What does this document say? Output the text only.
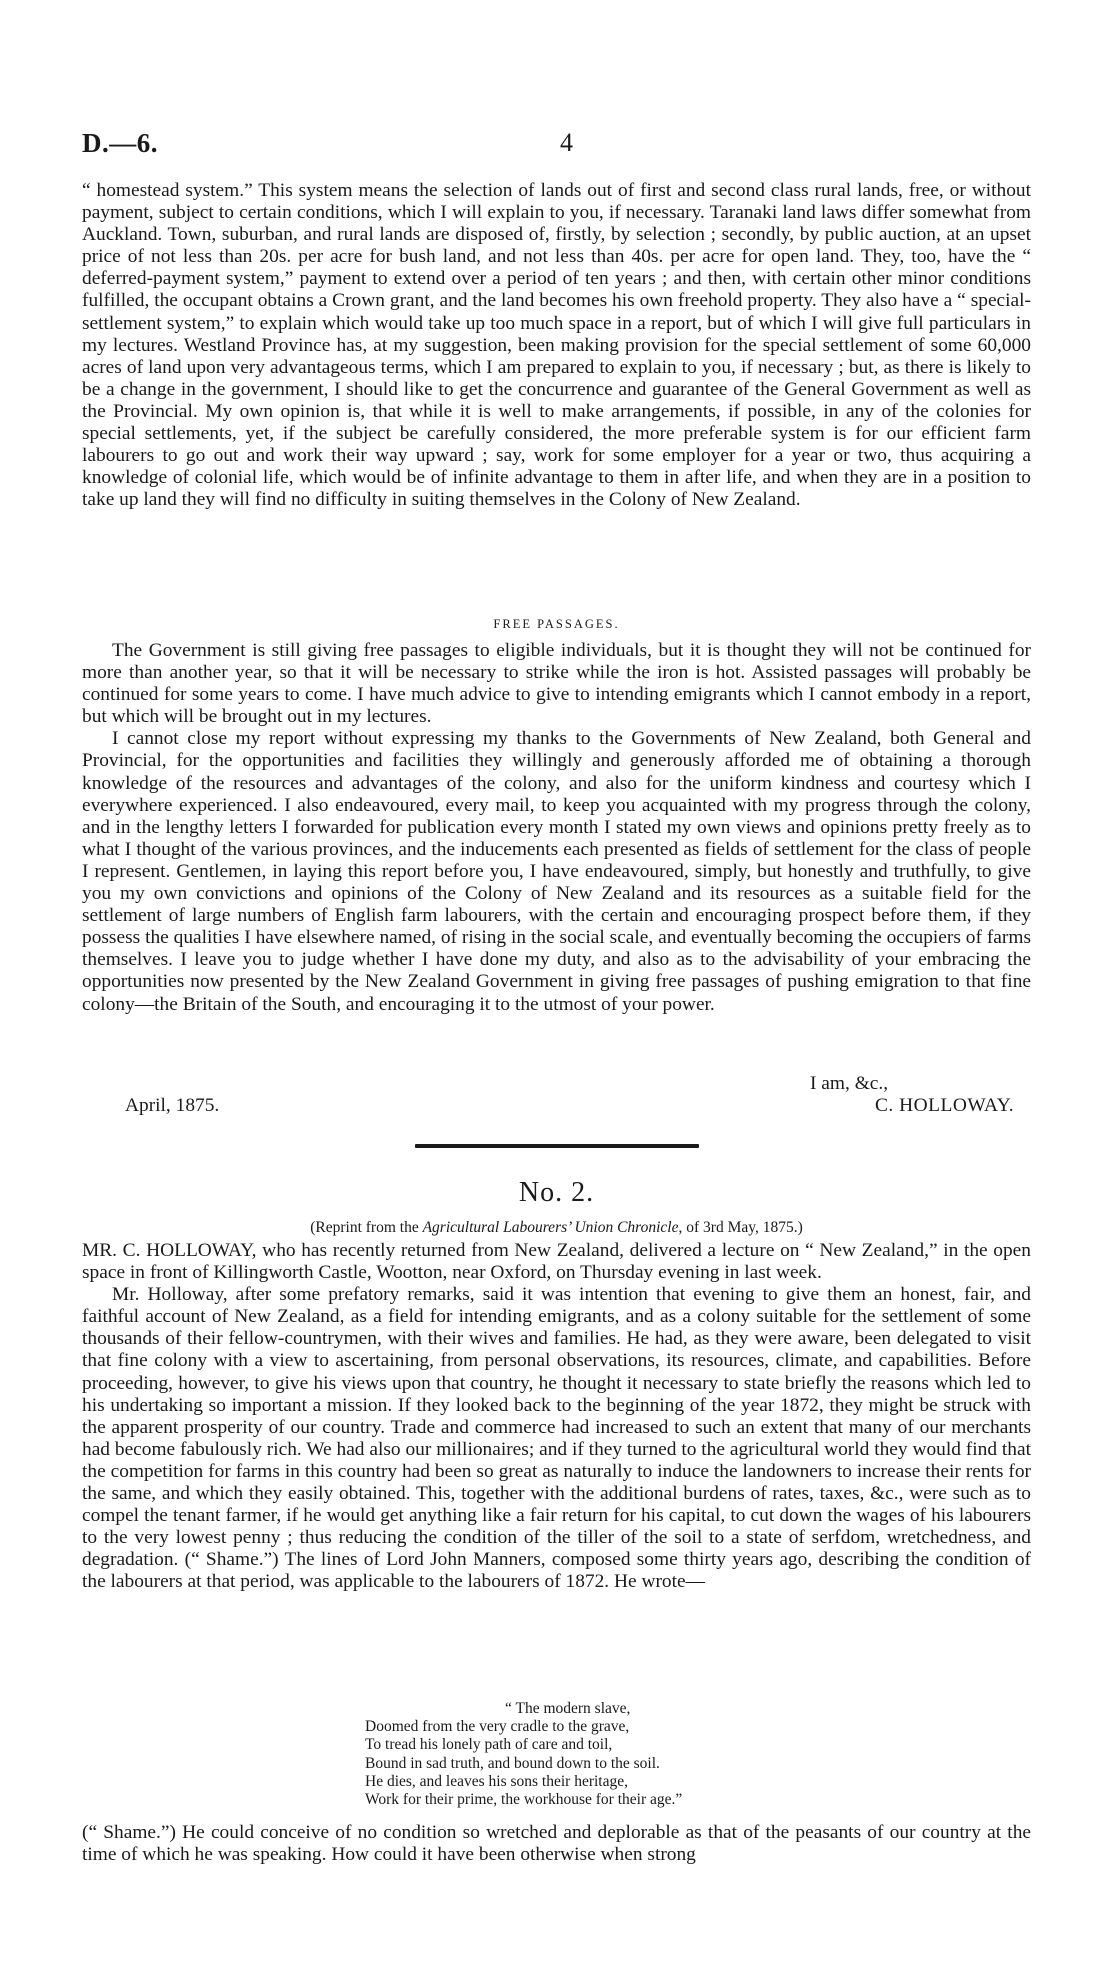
D.—6.	4

“ homestead system.” This system means the selection of lands out of first and second class rural lands, free, or without payment, subject to certain conditions, which I will explain to you, if necessary. Taranaki land laws differ somewhat from Auckland. Town, suburban, and rural lands are disposed of, firstly, by selection ; secondly, by public auction, at an upset price of not less than 20s. per acre for bush land, and not less than 40s. per acre for open land. They, too, have the “ deferred-payment system,” payment to extend over a period of ten years ; and then, with certain other minor conditions fulfilled, the occupant obtains a Crown grant, and the land becomes his own freehold property. They also have a “ special-settlement system,” to explain which would take up too much space in a report, but of which I will give full particulars in my lectures. Westland Province has, at my suggestion, been making provision for the special settlement of some 60,000 acres of land upon very advantageous terms, which I am prepared to explain to you, if necessary ; but, as there is likely to be a change in the government, I should like to get the concurrence and guarantee of the General Government as well as the Provincial. My own opinion is, that while it is well to make arrangements, if possible, in any of the colonies for special settlements, yet, if the subject be carefully considered, the more preferable system is for our efficient farm labourers to go out and work their way upward ; say, work for some employer for a year or two, thus acquiring a knowledge of colonial life, which would be of infinite advantage to them in after life, and when they are in a position to take up land they will find no difficulty in suiting themselves in the Colony of New Zealand.

FREE PASSAGES.

The Government is still giving free passages to eligible individuals, but it is thought they will not be continued for more than another year, so that it will be necessary to strike while the iron is hot. Assisted passages will probably be continued for some years to come. I have much advice to give to intending emigrants which I cannot embody in a report, but which will be brought out in my lectures.

I cannot close my report without expressing my thanks to the Governments of New Zealand, both General and Provincial, for the opportunities and facilities they willingly and generously afforded me of obtaining a thorough knowledge of the resources and advantages of the colony, and also for the uniform kindness and courtesy which I everywhere experienced. I also endeavoured, every mail, to keep you acquainted with my progress through the colony, and in the lengthy letters I forwarded for publication every month I stated my own views and opinions pretty freely as to what I thought of the various provinces, and the inducements each presented as fields of settlement for the class of people I represent. Gentlemen, in laying this report before you, I have endeavoured, simply, but honestly and truthfully, to give you my own convictions and opinions of the Colony of New Zealand and its resources as a suitable field for the settlement of large numbers of English farm labourers, with the certain and encouraging prospect before them, if they possess the qualities I have elsewhere named, of rising in the social scale, and eventually becoming the occupiers of farms themselves. I leave you to judge whether I have done my duty, and also as to the advisability of your embracing the opportunities now presented by the New Zealand Government in giving free passages of pushing emigration to that fine colony—the Britain of the South, and encouraging it to the utmost of your power.

I am, &c.,
April, 1875.	C. HOLLOWAY.

No. 2.

(Reprint from the Agricultural Labourers’ Union Chronicle, of 3rd May, 1875.)

MR. C. HOLLOWAY, who has recently returned from New Zealand, delivered a lecture on “ New Zealand,” in the open space in front of Killingworth Castle, Wootton, near Oxford, on Thursday evening in last week.

Mr. Holloway, after some prefatory remarks, said it was intention that evening to give them an honest, fair, and faithful account of New Zealand, as a field for intending emigrants, and as a colony suitable for the settlement of some thousands of their fellow-countrymen, with their wives and families. He had, as they were aware, been delegated to visit that fine colony with a view to ascertaining, from personal observations, its resources, climate, and capabilities. Before proceeding, however, to give his views upon that country, he thought it necessary to state briefly the reasons which led to his undertaking so important a mission. If they looked back to the beginning of the year 1872, they might be struck with the apparent prosperity of our country. Trade and commerce had increased to such an extent that many of our merchants had become fabulously rich. We had also our millionaires; and if they turned to the agricultural world they would find that the competition for farms in this country had been so great as naturally to induce the landowners to increase their rents for the same, and which they easily obtained. This, together with the additional burdens of rates, taxes, &c., were such as to compel the tenant farmer, if he would get anything like a fair return for his capital, to cut down the wages of his labourers to the very lowest penny ; thus reducing the condition of the tiller of the soil to a state of serfdom, wretchedness, and degradation. (“ Shame.”) The lines of Lord John Manners, composed some thirty years ago, describing the condition of the labourers at that period, was applicable to the labourers of 1872. He wrote—

“ The modern slave,
Doomed from the very cradle to the grave,
To tread his lonely path of care and toil,
Bound in sad truth, and bound down to the soil.
He dies, and leaves his sons their heritage,
Work for their prime, the workhouse for their age.”

(“ Shame.”) He could conceive of no condition so wretched and deplorable as that of the peasants of our country at the time of which he was speaking. How could it have been otherwise when strong
